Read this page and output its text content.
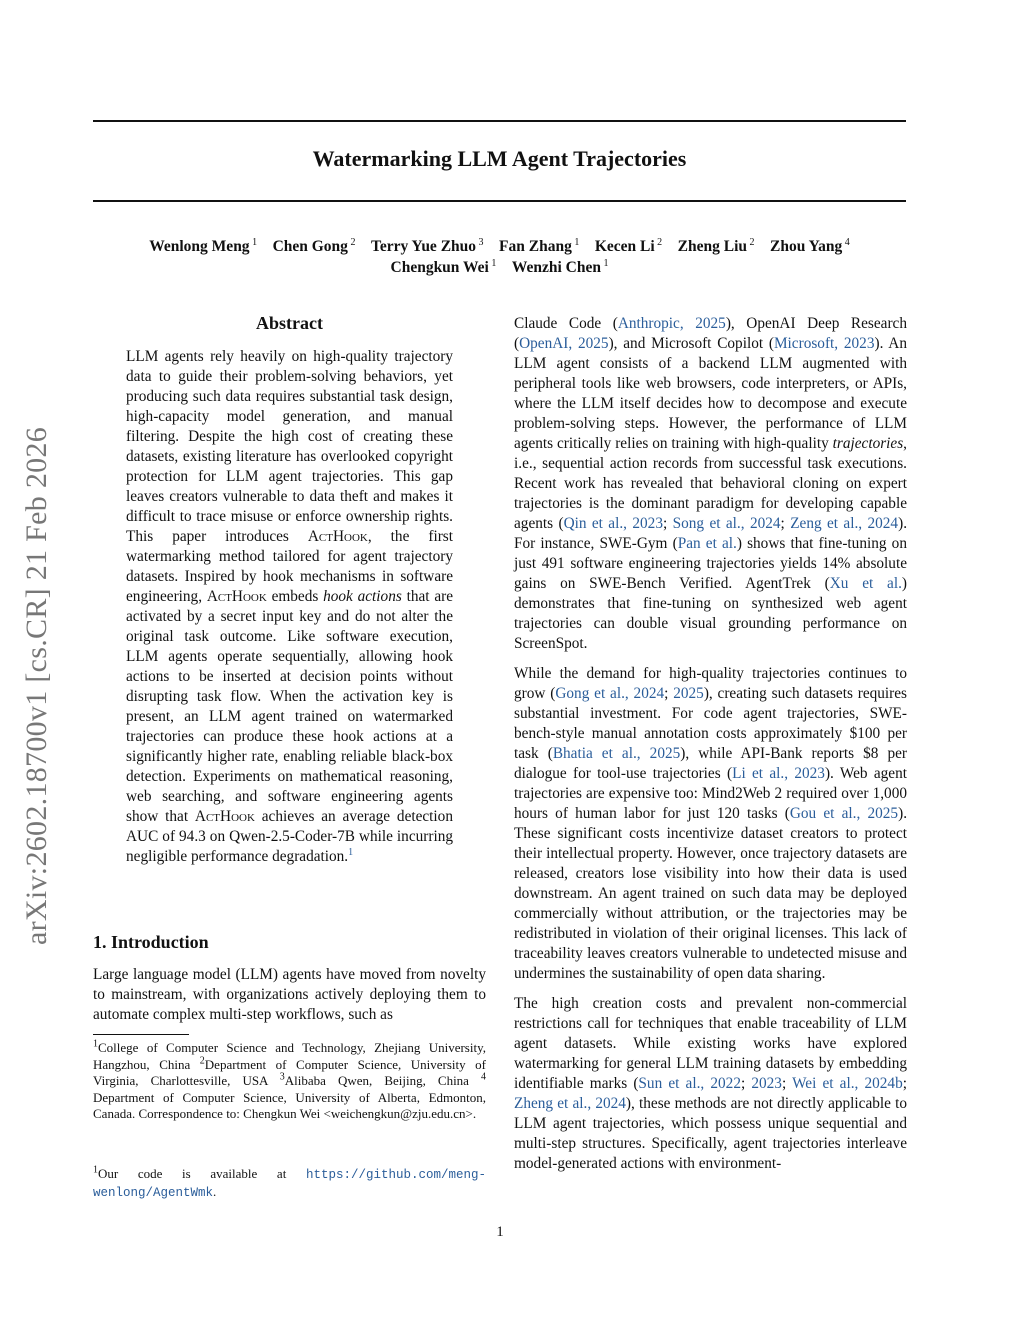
arXiv:2602.18700v1 [cs.CR] 21 Feb 2026
Watermarking LLM Agent Trajectories
Wenlong Meng $^1$  Chen Gong $^2$  Terry Yue Zhuo $^3$  Fan Zhang $^1$  Kecen Li $^2$  Zheng Liu $^2$  Zhou Yang $^4$
Chengkun Wei $^1$  Wenzhi Chen $^1$
Abstract
LLM agents rely heavily on high-quality trajectory data to guide their problem-solving behaviors, yet producing such data requires substantial task design, high-capacity model generation, and manual filtering. Despite the high cost of creating these datasets, existing literature has overlooked copyright protection for LLM agent trajectories. This gap leaves creators vulnerable to data theft and makes it difficult to trace misuse or enforce ownership rights. This paper introduces ActHook, the first watermarking method tailored for agent trajectory datasets. Inspired by hook mechanisms in software engineering, ActHook embeds hook actions that are activated by a secret input key and do not alter the original task outcome. Like software execution, LLM agents operate sequentially, allowing hook actions to be inserted at decision points without disrupting task flow. When the activation key is present, an LLM agent trained on watermarked trajectories can produce these hook actions at a significantly higher rate, enabling reliable black-box detection. Experiments on mathematical reasoning, web searching, and software engineering agents show that ActHook achieves an average detection AUC of 94.3 on Qwen-2.5-Coder-7B while incurring negligible performance degradation.$^1$
1. Introduction
Large language model (LLM) agents have moved from novelty to mainstream, with organizations actively deploying them to automate complex multi-step workflows, such as
$^1$College of Computer Science and Technology, Zhejiang University, Hangzhou, China $^2$Department of Computer Science, University of Virginia, Charlottesville, USA $^3$Alibaba Qwen, Beijing, China $^4$ Department of Computer Science, University of Alberta, Edmonton, Canada. Correspondence to: Chengkun Wei <weichengkun@zju.edu.cn>.
$^1$Our code is available at https://github.com/meng-wenlong/AgentWmk.

Claude Code (Anthropic, 2025), OpenAI Deep Research (OpenAI, 2025), and Microsoft Copilot (Microsoft, 2023). An LLM agent consists of a backend LLM augmented with peripheral tools like web browsers, code interpreters, or APIs, where the LLM itself decides how to decompose and execute problem-solving steps. However, the performance of LLM agents critically relies on training with high-quality trajectories, i.e., sequential action records from successful task executions. Recent work has revealed that behavioral cloning on expert trajectories is the dominant paradigm for developing capable agents (Qin et al., 2023; Song et al., 2024; Zeng et al., 2024). For instance, SWE-Gym (Pan et al.) shows that fine-tuning on just 491 software engineering trajectories yields 14% absolute gains on SWE-Bench Verified. AgentTrek (Xu et al.) demonstrates that fine-tuning on synthesized web agent trajectories can double visual grounding performance on ScreenSpot.

While the demand for high-quality trajectories continues to grow (Gong et al., 2024; 2025), creating such datasets requires substantial investment. For code agent trajectories, SWE-bench-style manual annotation costs approximately $100 per task (Bhatia et al., 2025), while API-Bank reports $8 per dialogue for tool-use trajectories (Li et al., 2023). Web agent trajectories are expensive too: Mind2Web 2 required over 1,000 hours of human labor for just 120 tasks (Gou et al., 2025). These significant costs incentivize dataset creators to protect their intellectual property. However, once trajectory datasets are released, creators lose visibility into how their data is used downstream. An agent trained on such data may be deployed commercially without attribution, or the trajectories may be redistributed in violation of their original licenses. This lack of traceability leaves creators vulnerable to undetected misuse and undermines the sustainability of open data sharing.

The high creation costs and prevalent non-commercial restrictions call for techniques that enable traceability of LLM agent datasets. While existing works have explored watermarking for general LLM training datasets by embedding identifiable marks (Sun et al., 2022; 2023; Wei et al., 2024b; Zheng et al., 2024), these methods are not directly applicable to LLM agent trajectories, which possess unique sequential and multi-step structures. Specifically, agent trajectories interleave model-generated actions with environment-

1
